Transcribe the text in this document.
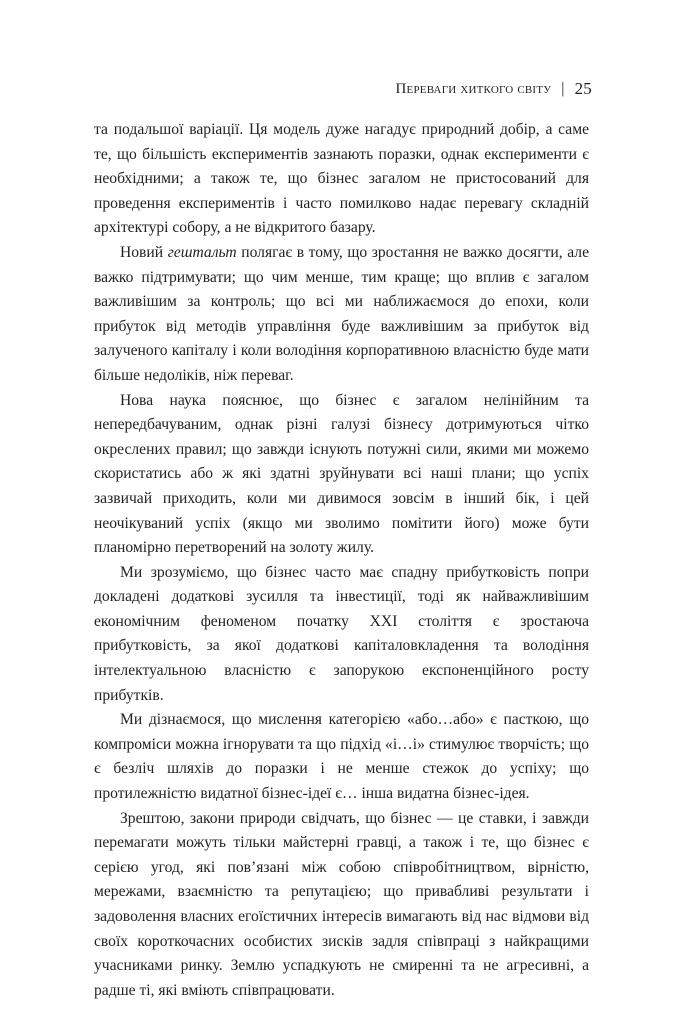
Переваги хиткого світу | 25

та подальшої варіації. Ця модель дуже нагадує природний добір, а саме те, що більшість експериментів зазнають поразки, однак експерименти є необхідними; а також те, що бізнес загалом не пристосований для проведення експериментів і часто помилково надає перевагу складній архітектурі собору, а не відкритого базару.

Новий гештальт полягає в тому, що зростання не важко досягти, але важко підтримувати; що чим менше, тим краще; що вплив є загалом важливішим за контроль; що всі ми наближаємося до епохи, коли прибуток від методів управління буде важливішим за прибуток від залученого капіталу і коли володіння корпоративною власністю буде мати більше недоліків, ніж переваг.

Нова наука пояснює, що бізнес є загалом нелінійним та непередбачуваним, однак різні галузі бізнесу дотримуються чітко окреслених правил; що завжди існують потужні сили, якими ми можемо скористатись або ж які здатні зруйнувати всі наші плани; що успіх зазвичай приходить, коли ми дивимося зовсім в інший бік, і цей неочікуваний успіх (якщо ми зволимо помітити його) може бути планомірно перетворений на золоту жилу.

Ми зрозуміємо, що бізнес часто має спадну прибутковість попри докладені додаткові зусилля та інвестиції, тоді як найважливішим економічним феноменом початку XXI століття є зростаюча прибутковість, за якої додаткові капіталовкладення та володіння інтелектуальною власністю є запорукою експоненційного росту прибутків.

Ми дізнаємося, що мислення категорією «або…або» є пасткою, що компроміси можна ігнорувати та що підхід «і…і» стимулює творчість; що є безліч шляхів до поразки і не менше стежок до успіху; що протилежністю видатної бізнес-ідеї є… інша видатна бізнес-ідея.

Зрештою, закони природи свідчать, що бізнес — це ставки, і завжди перемагати можуть тільки майстерні гравці, а також і те, що бізнес є серією угод, які пов’язані між собою співробітництвом, вірністю, мережами, взаємністю та репутацією; що привабливі результати і задоволення власних егоїстичних інтересів вимагають від нас відмови від своїх короткочасних особистих зисків задля співпраці з найкращими учасниками ринку. Землю успадкують не смиренні та не агресивні, а радше ті, які вміють співпрацювати.
